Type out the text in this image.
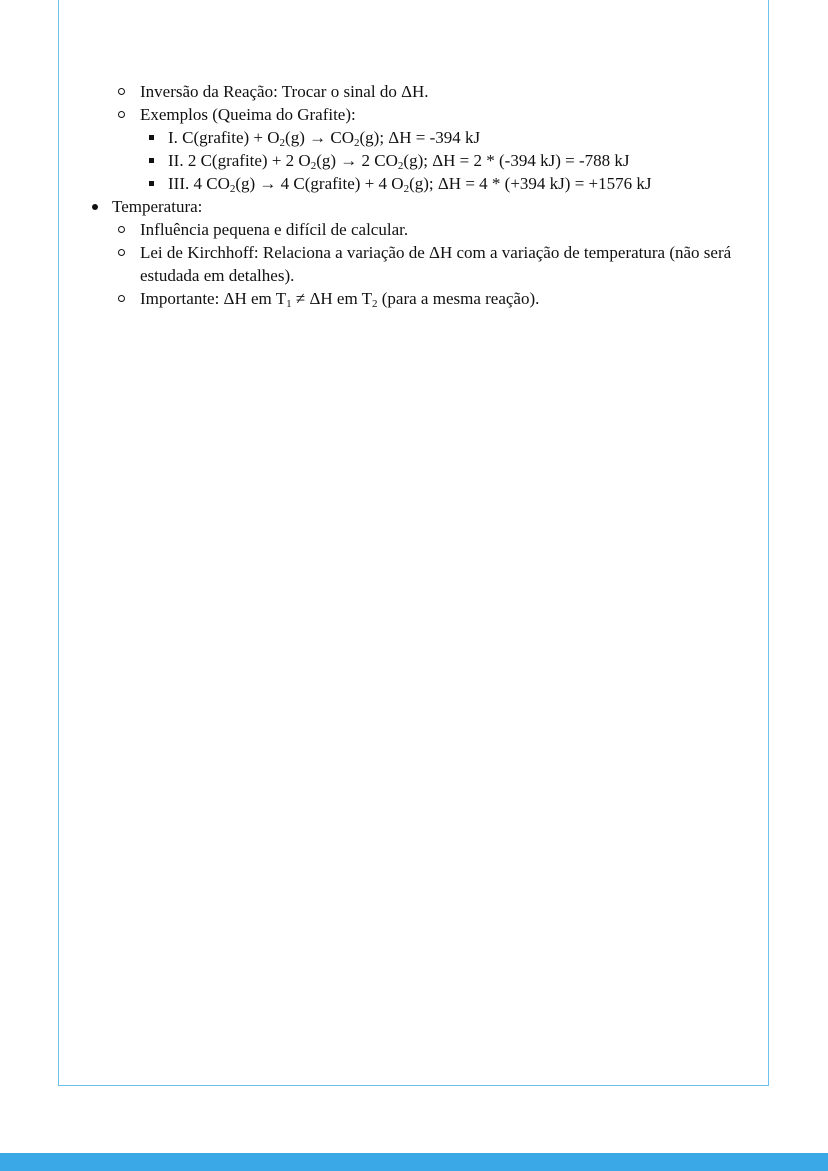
Inversão da Reação: Trocar o sinal do ΔH.
Exemplos (Queima do Grafite):
I. C(grafite) + $O_2(g) \to CO_2(g)$; ΔH = -394 kJ
II. 2 C(grafite) + 2 $O_2(g) \to 2$ $CO_2(g)$; ΔH = 2 * (-394 kJ) = -788 kJ
III. 4 $CO_2(g) \to 4$ C(grafite) + 4 $O_2(g)$; ΔH = 4 * (+394 kJ) = +1576 kJ
Temperatura:
Influência pequena e difícil de calcular.
Lei de Kirchhoff: Relaciona a variação de ΔH com a variação de temperatura (não será
estudada em detalhes).
Importante: ΔH em $T_1 \ne \Delta H$ em $T_2$ (para a mesma reação).
